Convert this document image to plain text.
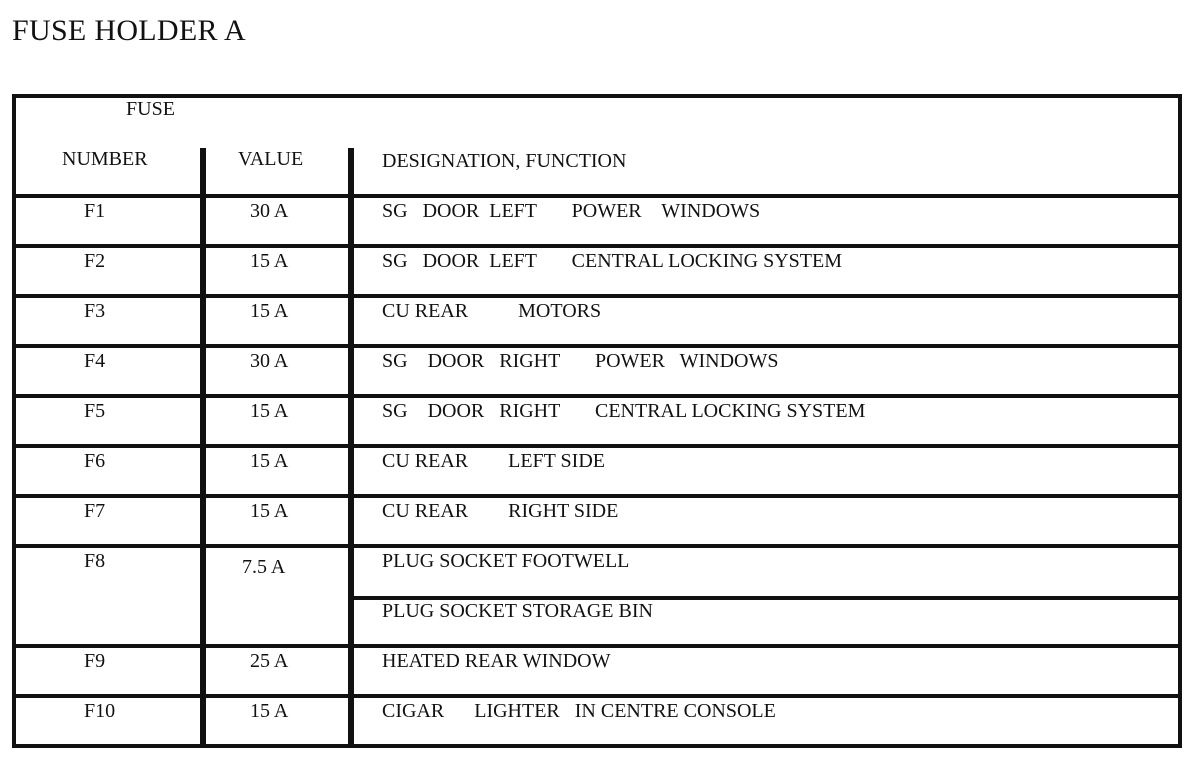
FUSE HOLDER A
FUSE
NUMBER	VALUE	DESIGNATION, FUNCTION
F1	30 A	SG   DOOR  LEFT       POWER    WINDOWS
F2	15 A	SG   DOOR  LEFT       CENTRAL LOCKING SYSTEM
F3	15 A	CU REAR          MOTORS
F4	30 A	SG    DOOR   RIGHT       POWER   WINDOWS
F5	15 A	SG    DOOR   RIGHT       CENTRAL LOCKING SYSTEM
F6	15 A	CU REAR        LEFT SIDE
F7	15 A	CU REAR        RIGHT SIDE
F8	7.5 A	PLUG SOCKET FOOTWELL
PLUG SOCKET STORAGE BIN
F9	25 A	HEATED REAR WINDOW
F10	15 A	CIGAR      LIGHTER   IN CENTRE CONSOLE
